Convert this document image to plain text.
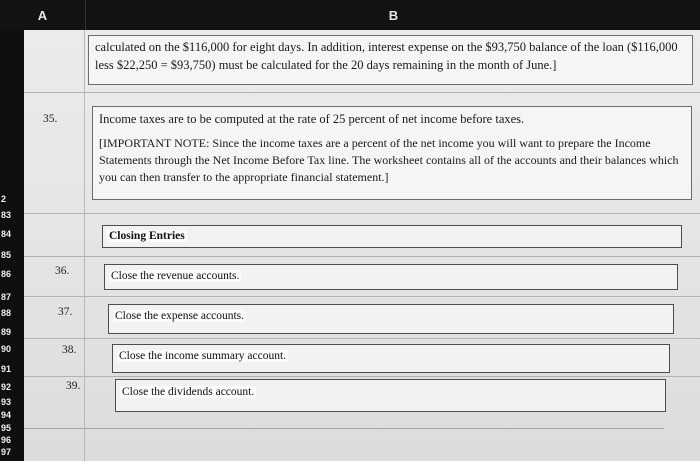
A	B
2
83
84
85
86
87
88
89
90
91
92
93
94
95
96
97

calculated on the $116,000 for eight days. In addition, interest expense on the $93,750 balance of the loan ($116,000 less $22,250 = $93,750) must be calculated for the 20 days remaining in the month of June.]

35.	Income taxes are to be computed at the rate of 25 percent of net income before taxes.

[IMPORTANT NOTE: Since the income taxes are a percent of the net income you will want to prepare the Income Statements through the Net Income Before Tax line. The worksheet contains all of the accounts and their balances which you can then transfer to the appropriate financial statement.]

Closing Entries
36.	Close the revenue accounts.
37.	Close the expense accounts.
38.	Close the income summary account.
39.	Close the dividends account.
